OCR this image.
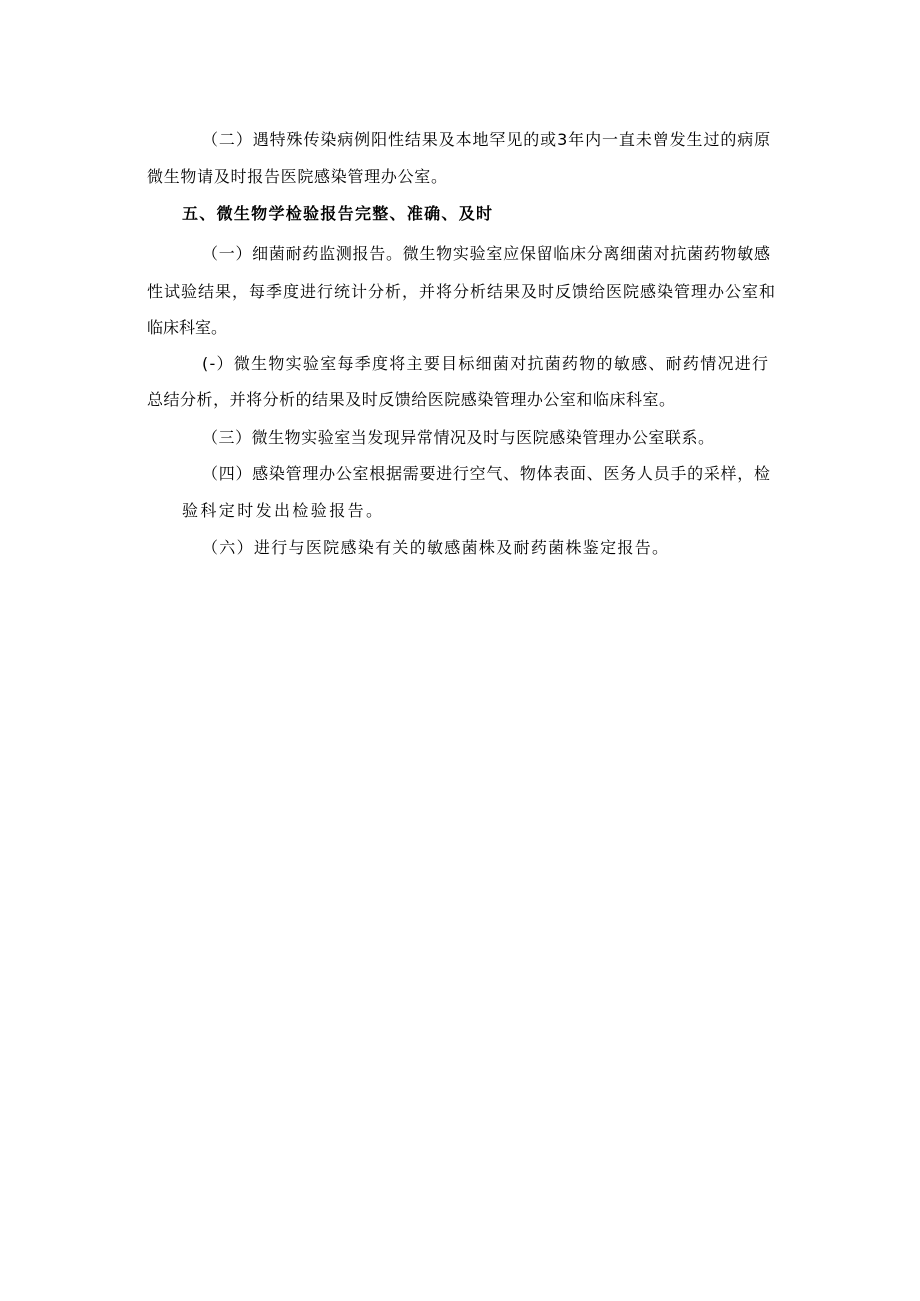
（二）遇特殊传染病例阳性结果及本地罕见的或3年内一直未曾发生过的病原
微生物请及时报告医院感染管理办公室。
五、微生物学检验报告完整、准确、及时
（一）细菌耐药监测报告。微生物实验室应保留临床分离细菌对抗菌药物敏感
性试验结果，每季度进行统计分析，并将分析结果及时反馈给医院感染管理办公室和
临床科室。
(-）微生物实验室每季度将主要目标细菌对抗菌药物的敏感、耐药情况进行
总结分析，并将分析的结果及时反馈给医院感染管理办公室和临床科室。
（三）微生物实验室当发现异常情况及时与医院感染管理办公室联系。
（四）感染管理办公室根据需要进行空气、物体表面、医务人员手的采样，检
验科定时发出检验报告。
（六）进行与医院感染有关的敏感菌株及耐药菌株鉴定报告。
